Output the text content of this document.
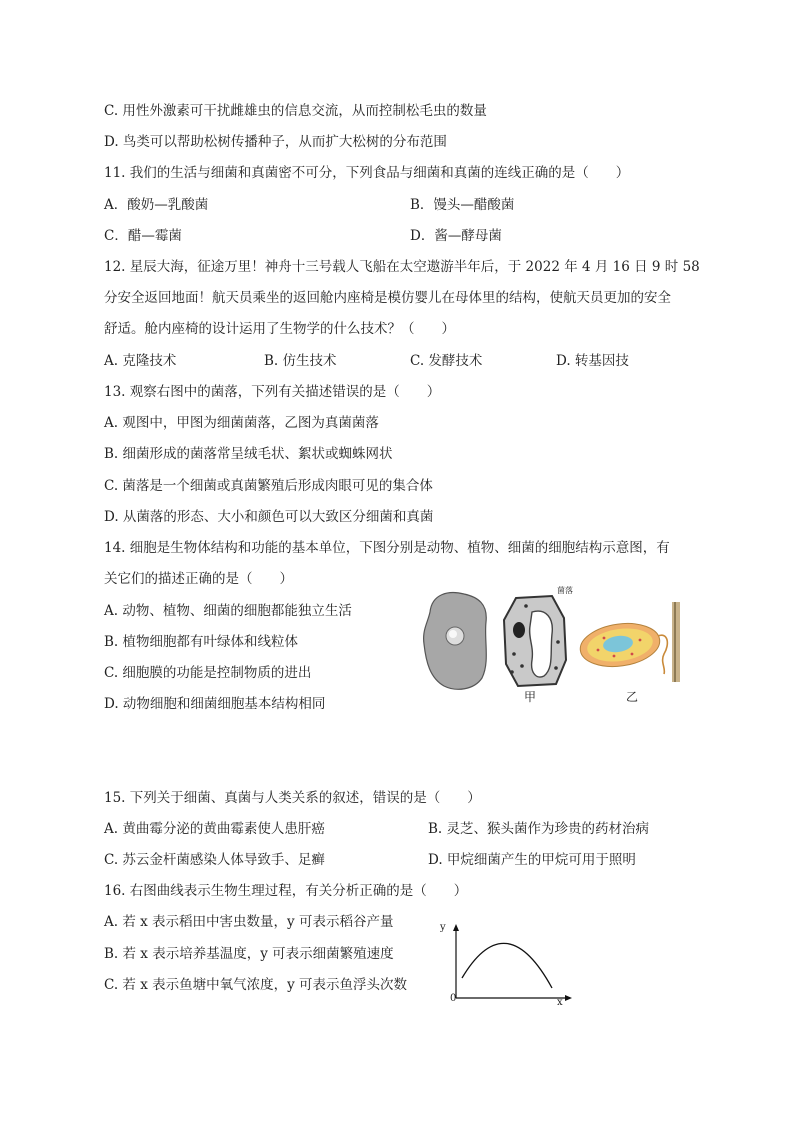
C. 用性外激素可干扰雌雄虫的信息交流，从而控制松毛虫的数量
D. 鸟类可以帮助松树传播种子，从而扩大松树的分布范围
11. 我们的生活与细菌和真菌密不可分，下列食品与细菌和真菌的连线正确的是（　　）
A．酸奶—乳酸菌	B．馒头—醋酸菌
C．醋—霉菌	D．酱—酵母菌
12. 星辰大海，征途万里！神舟十三号载人飞船在太空遨游半年后，于 2022 年 4 月 16 日 9 时 58
分安全返回地面！航天员乘坐的返回舱内座椅是模仿婴儿在母体里的结构，使航天员更加的安全
舒适。舱内座椅的设计运用了生物学的什么技术？（　　）
A. 克隆技术	B. 仿生技术	C. 发酵技术	D. 转基因技
13. 观察右图中的菌落，下列有关描述错误的是（　　）
A. 观图中，甲图为细菌菌落，乙图为真菌菌落
B. 细菌形成的菌落常呈绒毛状、絮状或蜘蛛网状
C. 菌落是一个细菌或真菌繁殖后形成肉眼可见的集合体
D. 从菌落的形态、大小和颜色可以大致区分细菌和真菌
14. 细胞是生物体结构和功能的基本单位，下图分别是动物、植物、细菌的细胞结构示意图，有
关它们的描述正确的是（　　）
A. 动物、植物、细菌的细胞都能独立生活
B. 植物细胞都有叶绿体和线粒体
C. 细胞膜的功能是控制物质的进出
D. 动物细胞和细菌细胞基本结构相同
菌落
甲	乙
15. 下列关于细菌、真菌与人类关系的叙述，错误的是（　　）
A. 黄曲霉分泌的黄曲霉素使人患肝癌	B. 灵芝、猴头菌作为珍贵的药材治病
C. 苏云金杆菌感染人体导致手、足癣	D. 甲烷细菌产生的甲烷可用于照明
16. 右图曲线表示生物生理过程，有关分析正确的是（　　）
A. 若 x 表示稻田中害虫数量，y 可表示稻谷产量
B. 若 x 表示培养基温度，y 可表示细菌繁殖速度
C. 若 x 表示鱼塘中氧气浓度，y 可表示鱼浮头次数
y
x
0
